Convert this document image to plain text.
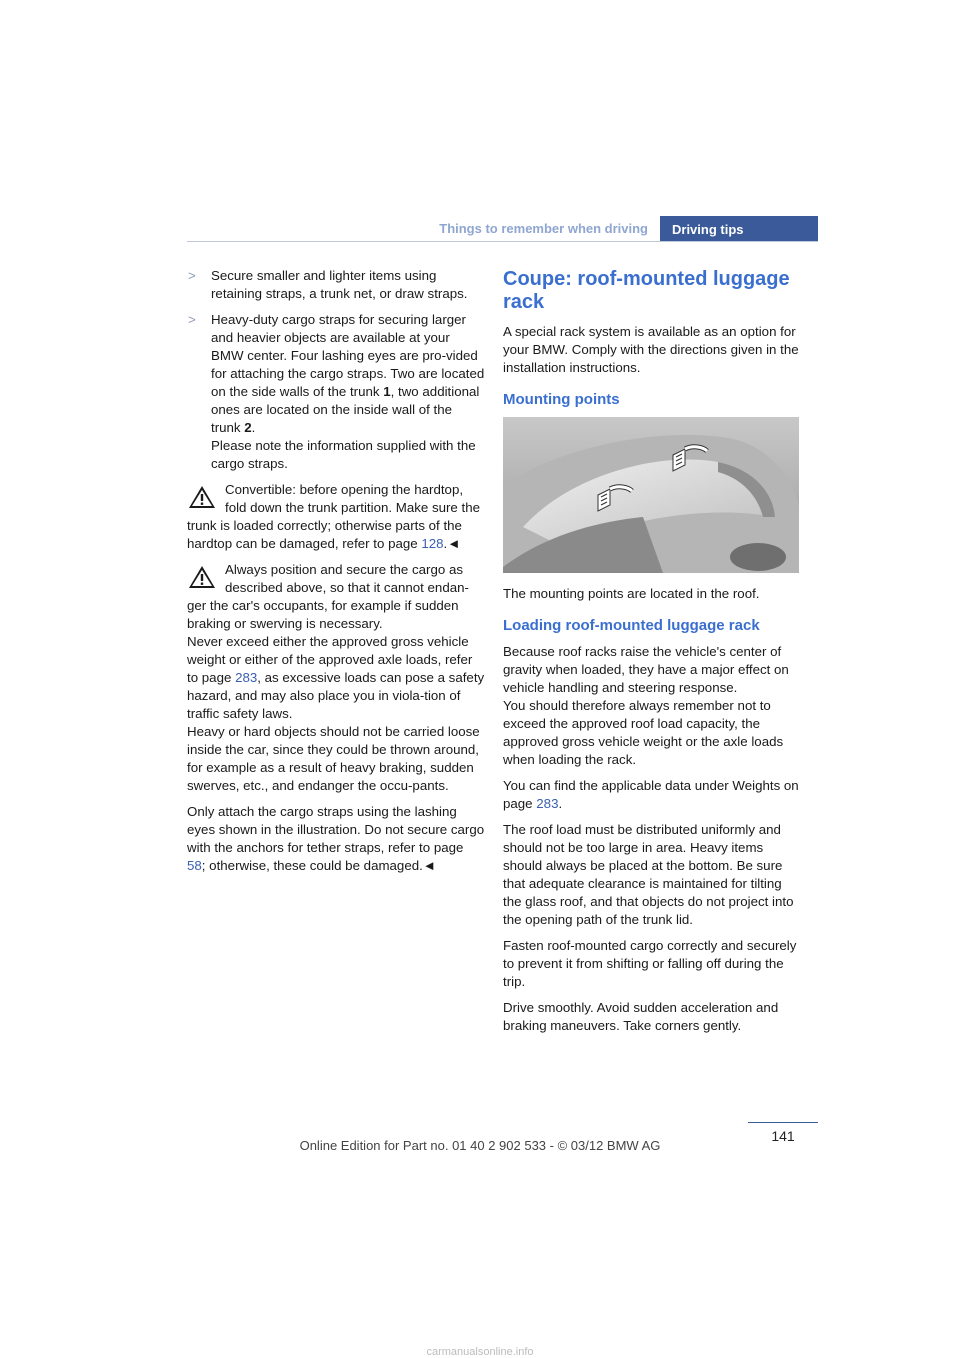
Things to remember when driving	Driving tips
> Secure smaller and lighter items using retaining straps, a trunk net, or draw straps.
> Heavy-duty cargo straps for securing larger and heavier objects are available at your BMW center. Four lashing eyes are pro-vided for attaching the cargo straps. Two are located on the side walls of the trunk 1, two additional ones are located on the inside wall of the trunk 2.
Please note the information supplied with the cargo straps.
Convertible: before opening the hardtop, fold down the trunk partition. Make sure the trunk is loaded correctly; otherwise parts of the hardtop can be damaged, refer to page 128.◄
Always position and secure the cargo as described above, so that it cannot endan-ger the car's occupants, for example if sudden braking or swerving is necessary.
Never exceed either the approved gross vehicle weight or either of the approved axle loads, refer to page 283, as excessive loads can pose a safety hazard, and may also place you in viola-tion of traffic safety laws.
Heavy or hard objects should not be carried loose inside the car, since they could be thrown around, for example as a result of heavy braking, sudden swerves, etc., and endanger the occu-pants.

Only attach the cargo straps using the lashing eyes shown in the illustration. Do not secure cargo with the anchors for tether straps, refer to page 58; otherwise, these could be damaged.◄

Coupe: roof-mounted luggage rack

A special rack system is available as an option for your BMW. Comply with the directions given in the installation instructions.

Mounting points

The mounting points are located in the roof.

Loading roof-mounted luggage rack

Because roof racks raise the vehicle's center of gravity when loaded, they have a major effect on vehicle handling and steering response.
You should therefore always remember not to exceed the approved roof load capacity, the approved gross vehicle weight or the axle loads when loading the rack.

You can find the applicable data under Weights on page 283.

The roof load must be distributed uniformly and should not be too large in area. Heavy items should always be placed at the bottom. Be sure that adequate clearance is maintained for tilting the glass roof, and that objects do not project into the opening path of the trunk lid.

Fasten roof-mounted cargo correctly and securely to prevent it from shifting or falling off during the trip.

Drive smoothly. Avoid sudden acceleration and braking maneuvers. Take corners gently.

141
Online Edition for Part no. 01 40 2 902 533 - © 03/12 BMW AG
carmanualsonline.info
